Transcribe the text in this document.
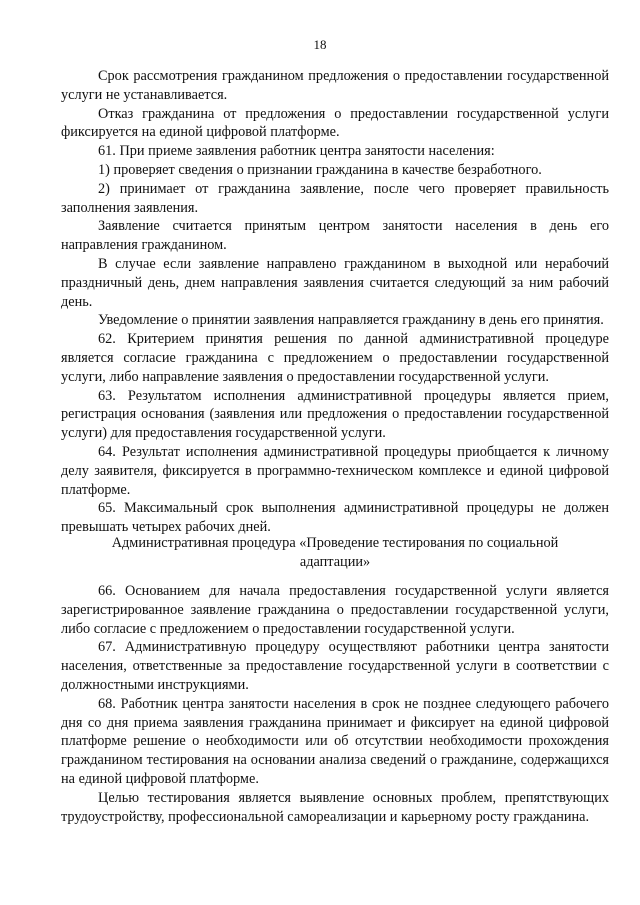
18

Срок рассмотрения гражданином предложения о предоставлении государственной услуги не устанавливается.

Отказ гражданина от предложения о предоставлении государственной услуги фиксируется на единой цифровой платформе.

61. При приеме заявления работник центра занятости населения:

1) проверяет сведения о признании гражданина в качестве безработного.

2) принимает от гражданина заявление, после чего проверяет правильность заполнения заявления.

Заявление считается принятым центром занятости населения в день его направления гражданином.

В случае если заявление направлено гражданином в выходной или нерабочий праздничный день, днем направления заявления считается следующий за ним рабочий день.

Уведомление о принятии заявления направляется гражданину в день его принятия.

62. Критерием принятия решения по данной административной процедуре является согласие гражданина с предложением о предоставлении государственной услуги, либо направление заявления о предоставлении государственной услуги.

63. Результатом исполнения административной процедуры является прием, регистрация основания (заявления или предложения о предоставлении государственной услуги) для предоставления государственной услуги.

64. Результат исполнения административной процедуры приобщается к личному делу заявителя, фиксируется в программно-техническом комплексе и единой цифровой платформе.

65. Максимальный срок выполнения административной процедуры не должен превышать четырех рабочих дней.

Административная процедура «Проведение тестирования по социальной адаптации»

66. Основанием для начала предоставления государственной услуги является зарегистрированное заявление гражданина о предоставлении государственной услуги, либо согласие с предложением о предоставлении государственной услуги.

67. Административную процедуру осуществляют работники центра занятости населения, ответственные за предоставление государственной услуги в соответствии с должностными инструкциями.

68. Работник центра занятости населения в срок не позднее следующего рабочего дня со дня приема заявления гражданина принимает и фиксирует на единой цифровой платформе решение о необходимости или об отсутствии необходимости прохождения гражданином тестирования на основании анализа сведений о гражданине, содержащихся на единой цифровой платформе.

Целью тестирования является выявление основных проблем, препятствующих трудоустройству, профессиональной самореализации и карьерному росту гражданина.
